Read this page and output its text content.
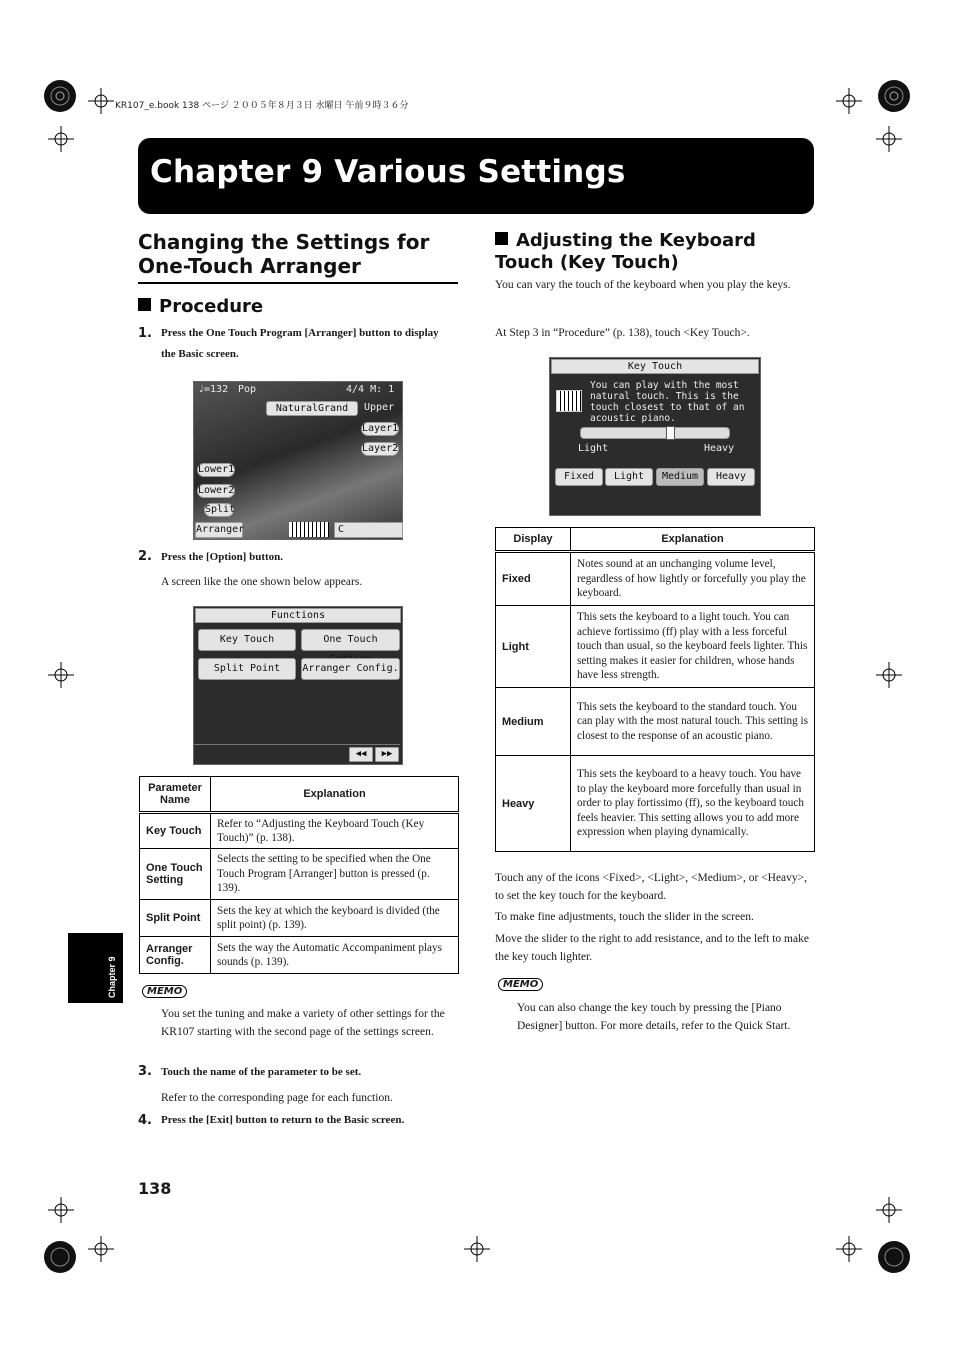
KR107_e.book 138 ページ ２００５年８月３日 水曜日 午前９時３６分
Chapter 9 Various Settings
Changing the Settings for One-Touch Arranger
Procedure
1. Press the One Touch Program [Arranger] button to display the Basic screen.
♩=132 Pop	4/4 M: 1
NaturalGrand	Upper
Layer1
Layer2
Lower1
Lower2
Split
Arranger	C
2. Press the [Option] button.
A screen like the one shown below appears.
Functions
Key Touch	One Touch
Split Point	Arranger Config.
◀◀	▶▶
Parameter Name	Explanation
Key Touch	Refer to “Adjusting the Keyboard Touch (Key Touch)” (p. 138).
One Touch Setting	Selects the setting to be specified when the One Touch Program [Arranger] button is pressed (p. 139).
Split Point	Sets the key at which the keyboard is divided (the split point) (p. 139).
Arranger Config.	Sets the way the Automatic Accompaniment plays sounds (p. 139).
MEMO
You set the tuning and make a variety of other settings for the KR107 starting with the second page of the settings screen.
3. Touch the name of the parameter to be set.
Refer to the corresponding page for each function.
4. Press the [Exit] button to return to the Basic screen.
Adjusting the Keyboard Touch (Key Touch)
You can vary the touch of the keyboard when you play the keys.
At Step 3 in “Procedure” (p. 138), touch <Key Touch>.
Key Touch
You can play with the most natural touch. This is the touch closest to that of an acoustic piano.
Light	Heavy
Fixed	Light	Medium	Heavy
Display	Explanation
Fixed	Notes sound at an unchanging volume level, regardless of how lightly or forcefully you play the keyboard.
Light	This sets the keyboard to a light touch. You can achieve fortissimo (ff) play with a less forceful touch than usual, so the keyboard feels lighter. This setting makes it easier for children, whose hands have less strength.
Medium	This sets the keyboard to the standard touch. You can play with the most natural touch. This setting is closest to the response of an acoustic piano.
Heavy	This sets the keyboard to a heavy touch. You have to play the keyboard more forcefully than usual in order to play fortissimo (ff), so the keyboard touch feels heavier. This setting allows you to add more expression when playing dynamically.
Touch any of the icons <Fixed>, <Light>, <Medium>, or <Heavy>, to set the key touch for the keyboard.
To make fine adjustments, touch the slider in the screen.
Move the slider to the right to add resistance, and to the left to make the key touch lighter.
MEMO
You can also change the key touch by pressing the [Piano Designer] button. For more details, refer to the Quick Start.
Chapter 9
138
